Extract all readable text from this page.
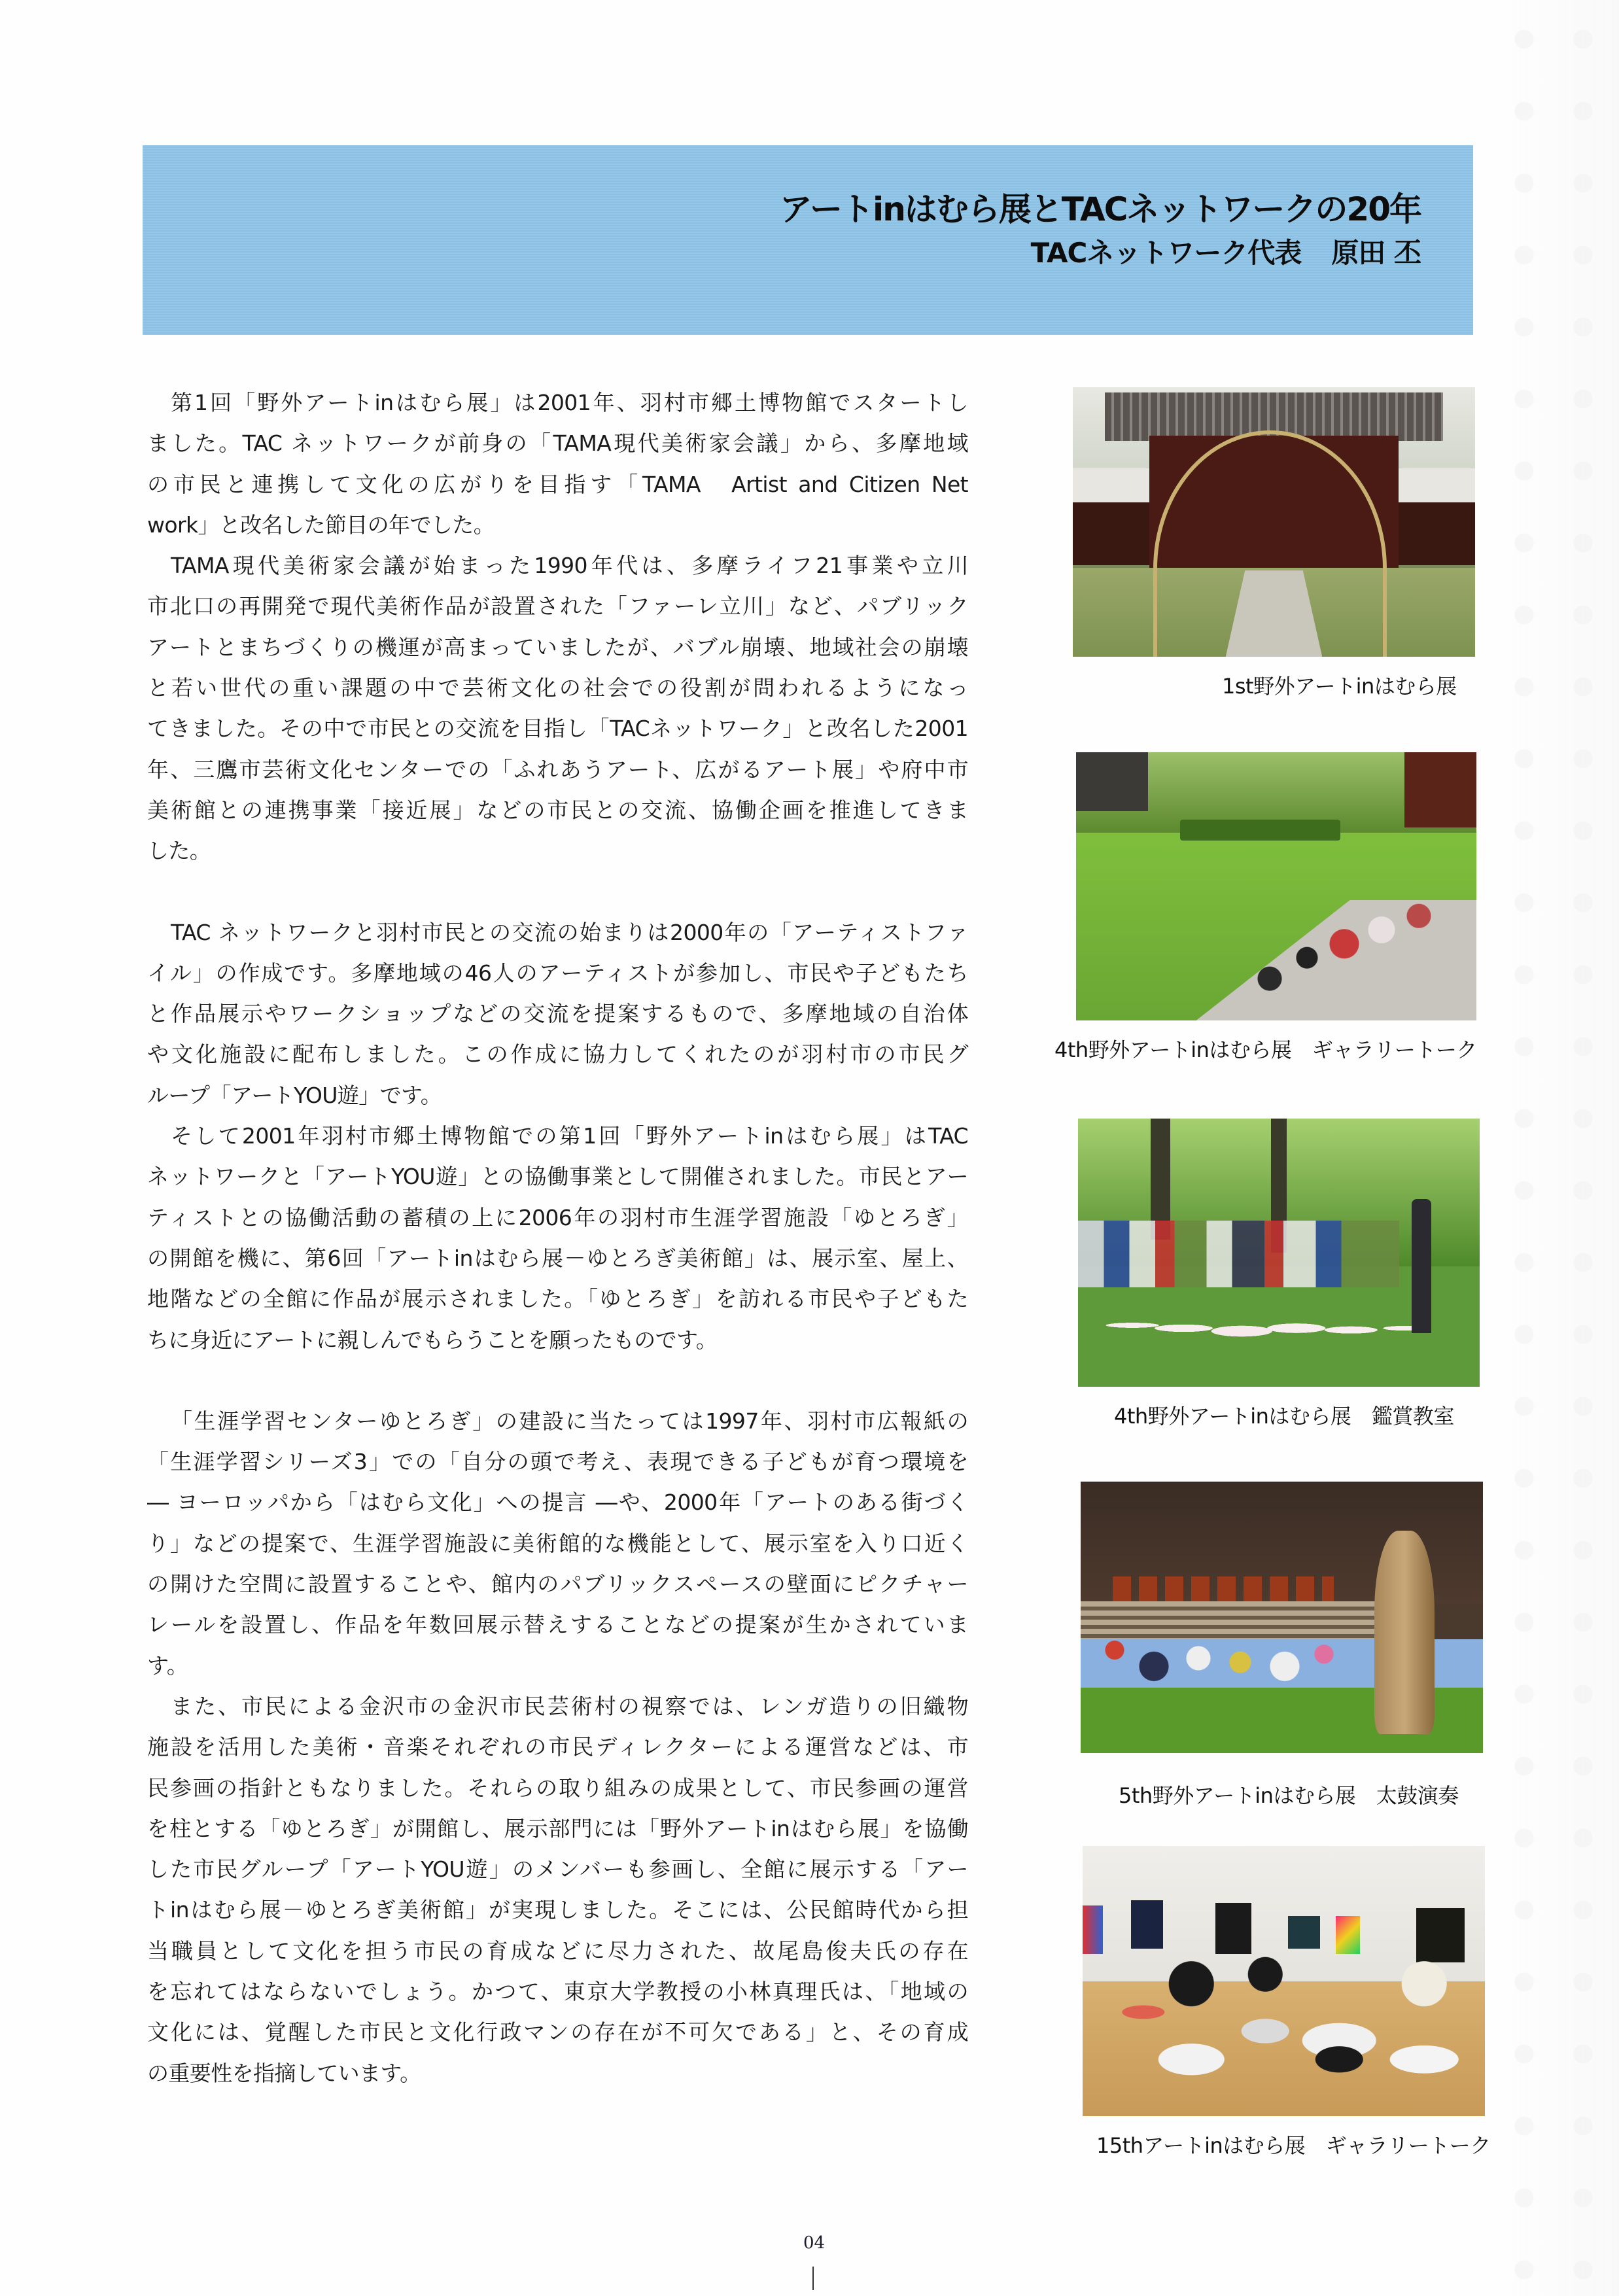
アートinはむら展とTACネットワークの20年
TACネットワーク代表 原田 丕
第1回「野外アートinはむら展」は2001年、羽村市郷土博物館でスタートし
ました。TAC ネットワークが前身の「TAMA現代美術家会議」から、多摩地域
の市民と連携して文化の広がりを目指す「TAMA　Artist and Citizen Net
work」と改名した節目の年でした。
TAMA現代美術家会議が始まった1990年代は、多摩ライフ21事業や立川
市北口の再開発で現代美術作品が設置された「ファーレ立川」など、パブリック
アートとまちづくりの機運が高まっていましたが、バブル崩壊、地域社会の崩壊
と若い世代の重い課題の中で芸術文化の社会での役割が問われるようになっ
てきました。その中で市民との交流を目指し「TACネットワーク」と改名した2001
年、三鷹市芸術文化センターでの「ふれあうアート、広がるアート展」や府中市
美術館との連携事業「接近展」などの市民との交流、協働企画を推進してきま
した。
TAC ネットワークと羽村市民との交流の始まりは2000年の「アーティストファ
イル」の作成です。多摩地域の46人のアーティストが参加し、市民や子どもたち
と作品展示やワークショップなどの交流を提案するもので、多摩地域の自治体
や文化施設に配布しました。この作成に協力してくれたのが羽村市の市民グ
ループ「アートYOU遊」です。
そして2001年羽村市郷土博物館での第1回「野外アートinはむら展」はTAC
ネットワークと「アートYOU遊」との協働事業として開催されました。市民とアー
ティストとの協働活動の蓄積の上に2006年の羽村市生涯学習施設「ゆとろぎ」
の開館を機に、第6回「アートinはむら展－ゆとろぎ美術館」は、展示室、屋上、
地階などの全館に作品が展示されました。「ゆとろぎ」を訪れる市民や子どもた
ちに身近にアートに親しんでもらうことを願ったものです。
「生涯学習センターゆとろぎ」の建設に当たっては1997年、羽村市広報紙の
「生涯学習シリーズ3」での「自分の頭で考え、表現できる子どもが育つ環境を
― ヨーロッパから「はむら文化」への提言 ―や、2000年「アートのある街づく
り」などの提案で、生涯学習施設に美術館的な機能として、展示室を入り口近く
の開けた空間に設置することや、館内のパブリックスペースの壁面にピクチャー
レールを設置し、作品を年数回展示替えすることなどの提案が生かされていま
す。
また、市民による金沢市の金沢市民芸術村の視察では、レンガ造りの旧織物
施設を活用した美術・音楽それぞれの市民ディレクターによる運営などは、市
民参画の指針ともなりました。それらの取り組みの成果として、市民参画の運営
を柱とする「ゆとろぎ」が開館し、展示部門には「野外アートinはむら展」を協働
した市民グループ「アートYOU遊」のメンバーも参画し、全館に展示する「アー
トinはむら展－ゆとろぎ美術館」が実現しました。そこには、公民館時代から担
当職員として文化を担う市民の育成などに尽力された、故尾島俊夫氏の存在
を忘れてはならないでしょう。かつて、東京大学教授の小林真理氏は、「地域の
文化には、覚醒した市民と文化行政マンの存在が不可欠である」と、その育成
の重要性を指摘しています。
1st野外アートinはむら展
4th野外アートinはむら展　ギャラリートーク
4th野外アートinはむら展　鑑賞教室
5th野外アートinはむら展　太鼓演奏
15thアートinはむら展　ギャラリートーク
04
